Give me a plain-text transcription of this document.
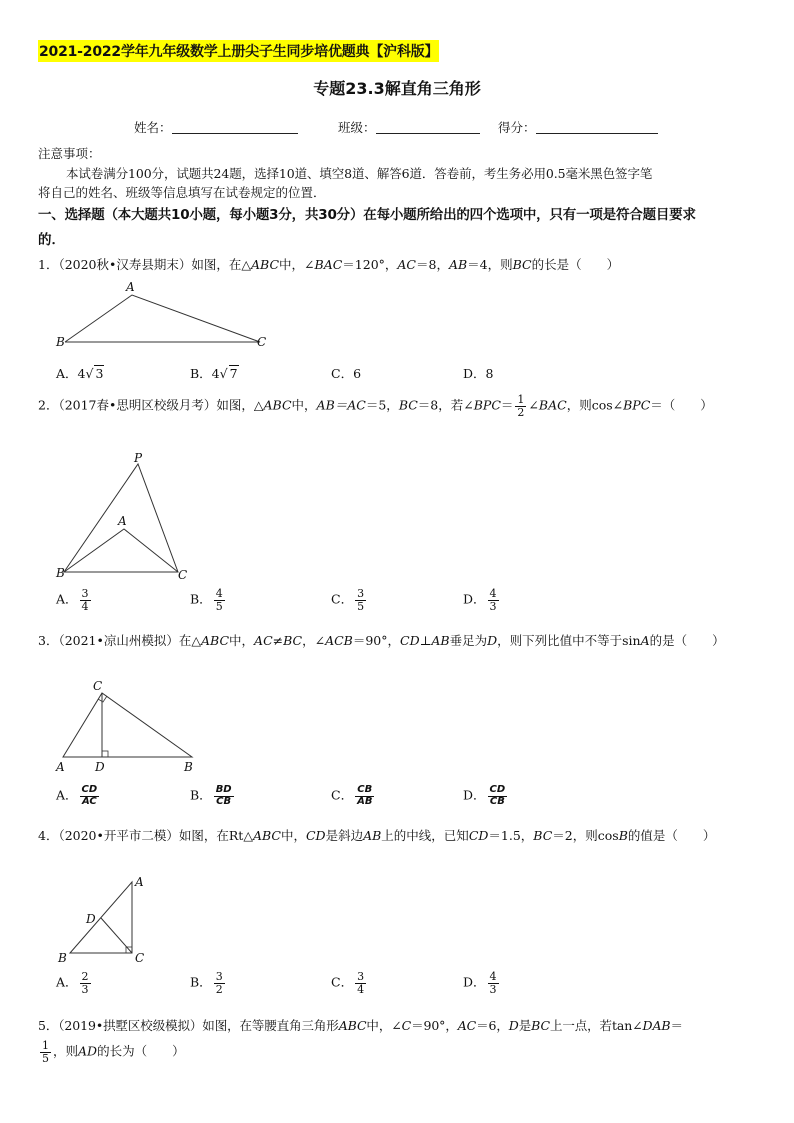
2021-2022学年九年级数学上册尖子生同步培优题典【沪科版】
专题23.3解直角三角形
姓名：	班级：	得分：
注意事项：
本试卷满分100分，试题共24题，选择10道、填空8道、解答6道．答卷前，考生务必用0.5毫米黑色签字笔
将自己的姓名、班级等信息填写在试卷规定的位置．
一、选择题（本大题共10小题，每小题3分，共30分）在每小题所给出的四个选项中，只有一项是符合题目要求
的．
1．（2020秋•汉寿县期末）如图，在△ABC中，∠BAC＝120°，AC＝8，AB＝4，则BC的长是（　　）
A
B	C
A．4√ 3	B．4√ 7	C．6	D．8
2．（2017春•思明区校级月考）如图，△ABC中，AB＝AC＝5，BC＝8，若∠BPC＝ $\frac{1}{2}$ ∠BAC，则cos∠BPC＝（　　）
P
A
B	C
A． $\frac{3}{4}$	B． $\frac{4}{5}$	C． $\frac{3}{5}$	D． $\frac{4}{3}$
3．（2021•凉山州模拟）在△ABC中，AC≠BC，∠ACB＝90°，CD⊥AB垂足为D，则下列比值中不等于sinA的是（　　）
C
A	D	B
A． $\frac{CD}{AC}$	B． $\frac{BD}{CB}$	C． $\frac{CB}{AB}$	D． $\frac{CD}{CB}$
4．（2020•开平市二模）如图，在Rt△ABC中，CD是斜边AB上的中线，已知CD＝1.5，BC＝2，则cosB的值是（　　）
A
D
B	C
A． $\frac{2}{3}$	B． $\frac{3}{2}$	C． $\frac{3}{4}$	D． $\frac{4}{3}$
5．（2019•拱墅区校级模拟）如图，在等腰直角三角形ABC中，∠C＝90°，AC＝6，D是BC上一点，若tan∠DAB＝
$\frac{1}{5}$ ，则AD的长为（　　）
